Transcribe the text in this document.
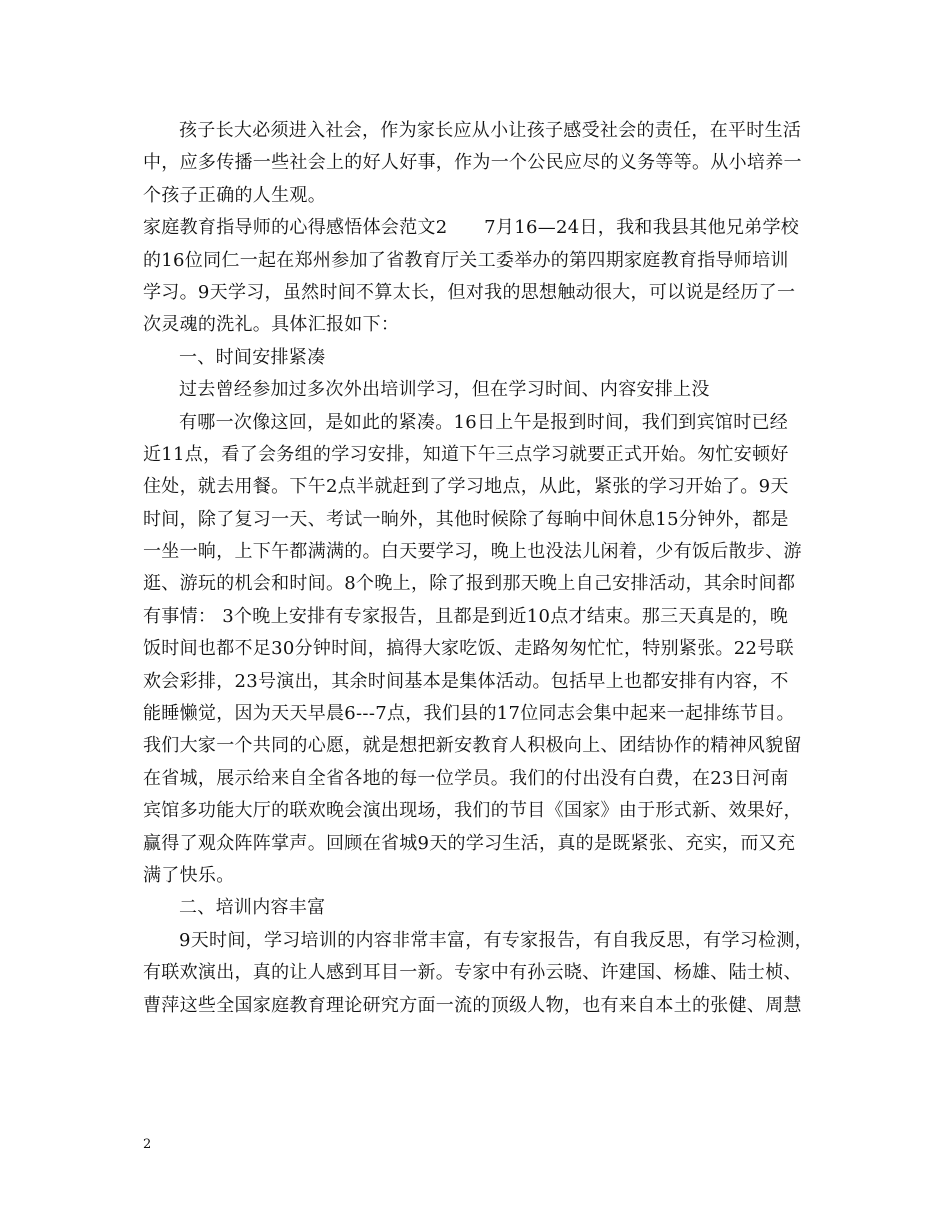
孩子长大必须进入社会，作为家长应从小让孩子感受社会的责任，在平时生活
中，应多传播一些社会上的好人好事，作为一个公民应尽的义务等等。从小培养一
个孩子正确的人生观。
家庭教育指导师的心得感悟体会范文2　　7月16—24日，我和我县其他兄弟学校
的16位同仁一起在郑州参加了省教育厅关工委举办的第四期家庭教育指导师培训
学习。9天学习，虽然时间不算太长，但对我的思想触动很大，可以说是经历了一
次灵魂的洗礼。具体汇报如下：
一、时间安排紧凑
过去曾经参加过多次外出培训学习，但在学习时间、内容安排上没
有哪一次像这回，是如此的紧凑。16日上午是报到时间，我们到宾馆时已经
近11点，看了会务组的学习安排，知道下午三点学习就要正式开始。匆忙安顿好
住处，就去用餐。下午2点半就赶到了学习地点，从此，紧张的学习开始了。9天
时间，除了复习一天、考试一晌外，其他时候除了每晌中间休息15分钟外，都是
一坐一晌，上下午都满满的。白天要学习，晚上也没法儿闲着，少有饭后散步、游
逛、游玩的机会和时间。8个晚上，除了报到那天晚上自己安排活动，其余时间都
有事情： 3个晚上安排有专家报告，且都是到近10点才结束。那三天真是的，晚
饭时间也都不足30分钟时间，搞得大家吃饭、走路匆匆忙忙，特别紧张。22号联
欢会彩排，23号演出，其余时间基本是集体活动。包括早上也都安排有内容，不
能睡懒觉，因为天天早晨6---7点，我们县的17位同志会集中起来一起排练节目。
我们大家一个共同的心愿，就是想把新安教育人积极向上、团结协作的精神风貌留
在省城，展示给来自全省各地的每一位学员。我们的付出没有白费，在23日河南
宾馆多功能大厅的联欢晚会演出现场，我们的节目《国家》由于形式新、效果好，
赢得了观众阵阵掌声。回顾在省城9天的学习生活，真的是既紧张、充实，而又充
满了快乐。
二、培训内容丰富
9天时间，学习培训的内容非常丰富，有专家报告，有自我反思，有学习检测，
有联欢演出，真的让人感到耳目一新。专家中有孙云晓、许建国、杨雄、陆士桢、
曹萍这些全国家庭教育理论研究方面一流的顶级人物，也有来自本土的张健、周慧
2
